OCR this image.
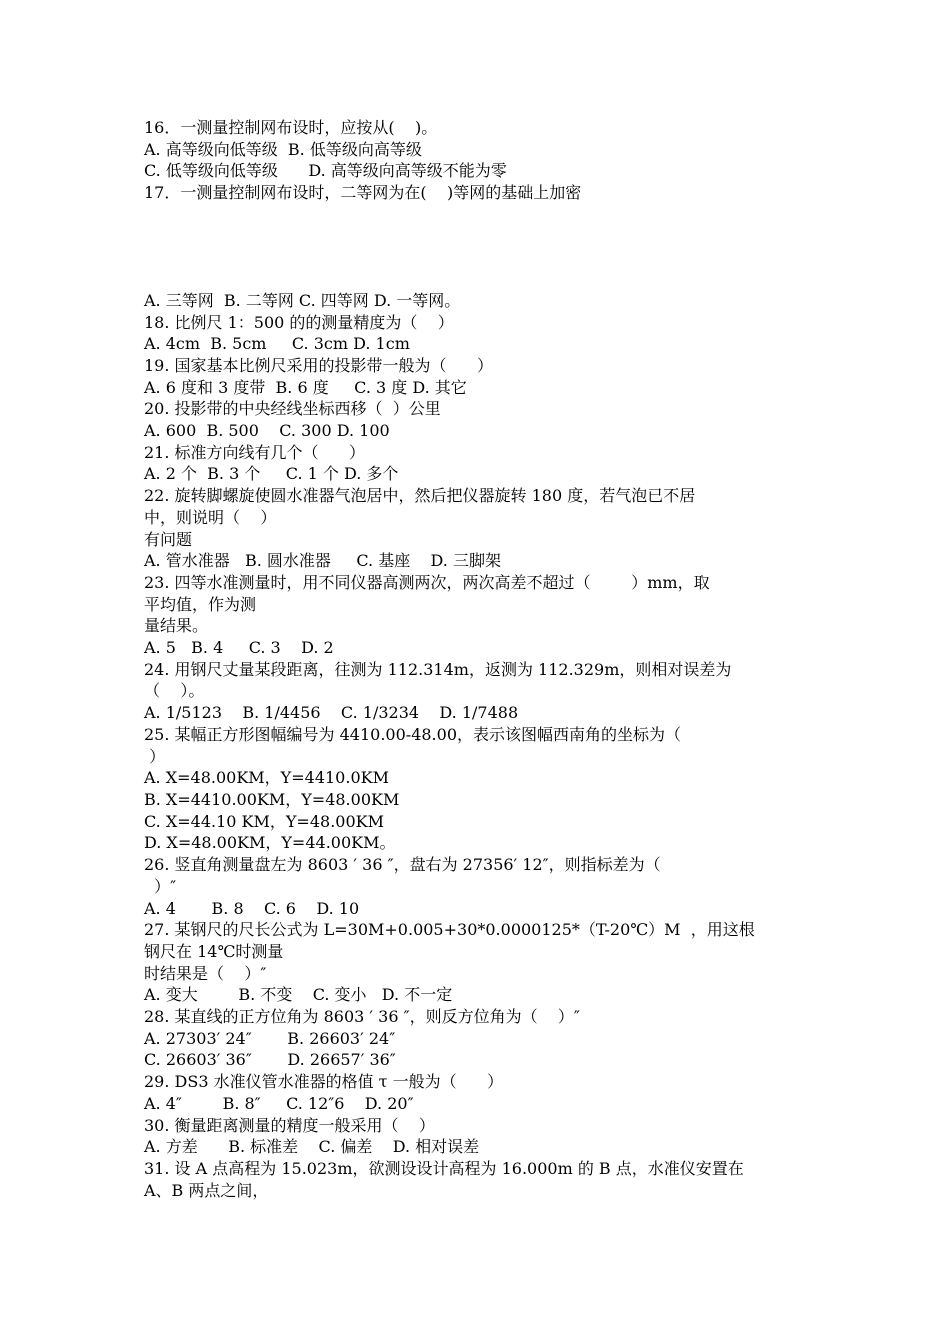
16．一测量控制网布设时，应按从(    )。
A. 高等级向低等级  B. 低等级向高等级
C. 低等级向低等级      D. 高等级向高等级不能为零
17．一测量控制网布设时，二等网为在(    )等网的基础上加密
A. 三等网  B. 二等网 C. 四等网 D. 一等网。
18. 比例尺 1：500 的的测量精度为（    ）
A. 4cm  B. 5cm     C. 3cm D. 1cm
19. 国家基本比例尺采用的投影带一般为（      ）
A. 6 度和 3 度带  B. 6 度     C. 3 度 D. 其它
20. 投影带的中央经线坐标西移（  ）公里
A. 600  B. 500    C. 300 D. 100
21. 标准方向线有几个（      ）
A. 2 个  B. 3 个     C. 1 个 D. 多个
22. 旋转脚螺旋使圆水准器气泡居中，然后把仪器旋转 180 度，若气泡已不居
中，则说明（    ）
有问题
A. 管水准器   B. 圆水准器     C. 基座    D. 三脚架
23. 四等水准测量时，用不同仪器高测两次，两次高差不超过（        ）mm，取
平均值，作为测
量结果。
A. 5   B. 4     C. 3    D. 2
24. 用钢尺丈量某段距离，往测为 112.314m，返测为 112.329m，则相对误差为
（    ）。
A. 1/5123    B. 1/4456    C. 1/3234    D. 1/7488
25. 某幅正方形图幅编号为 4410.00-48.00，表示该图幅西南角的坐标为（
）
A. X=48.00KM，Y=4410.0KM
B. X=4410.00KM，Y=48.00KM
C. X=44.10 KM，Y=48.00KM
D. X=48.00KM，Y=44.00KM。
26. 竖直角测量盘左为 8603 ′ 36 ″，盘右为 27356′ 12″，则指标差为（
）″
A. 4       B. 8    C. 6    D. 10
27. 某钢尺的尺长公式为 L=30M+0.005+30*0.0000125*（T-20℃）M  ，用这根
钢尺在 14℃时测量
时结果是（    ）″
A. 变大        B. 不变    C. 变小   D. 不一定
28. 某直线的正方位角为 8603 ′ 36 ″，则反方位角为（    ）″
A. 27303′ 24″       B. 26603′ 24″
C. 26603′ 36″       D. 26657′ 36″
29. DS3 水准仪管水准器的格值 τ 一般为（      ）
A. 4″        B. 8″     C. 12″6    D. 20″
30. 衡量距离测量的精度一般采用（    ）
A. 方差      B. 标准差    C. 偏差    D. 相对误差
31. 设 A 点高程为 15.023m，欲测设设计高程为 16.000m 的 B 点，水准仪安置在
A、B 两点之间，
